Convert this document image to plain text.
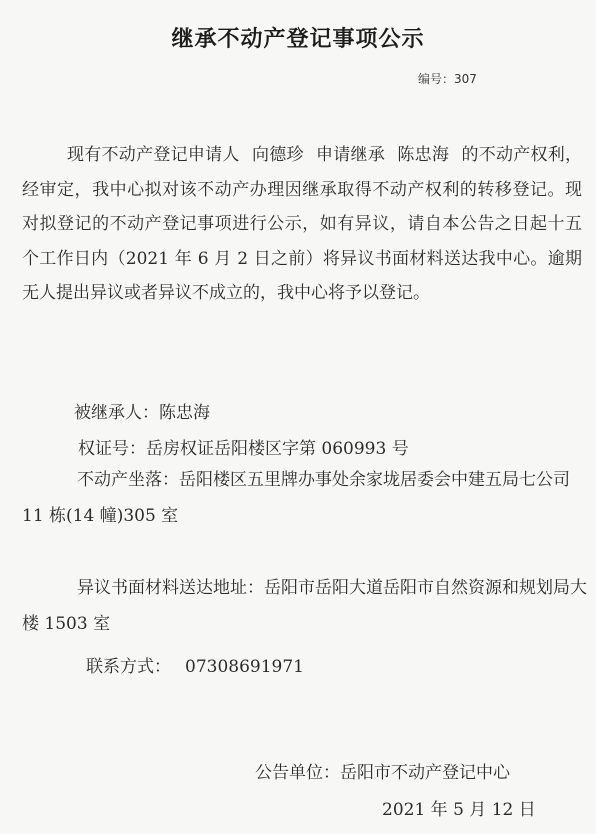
继承不动产登记事项公示
编号：307
现有不动产登记申请人 向德珍 申请继承 陈忠海 的不动产权利，经审定，我中心拟对该不动产办理因继承取得不动产权利的转移登记。现对拟登记的不动产登记事项进行公示，如有异议，请自本公告之日起十五个工作日内（2021 年 6 月 2 日之前）将异议书面材料送达我中心。逾期无人提出异议或者异议不成立的，我中心将予以登记。
被继承人：陈忠海
权证号：岳房权证岳阳楼区字第 060993 号
不动产坐落：岳阳楼区五里牌办事处余家垅居委会中建五局七公司 11 栋(14 幢)305 室
异议书面材料送达地址：岳阳市岳阳大道岳阳市自然资源和规划局大楼 1503 室
联系方式： 07308691971
公告单位：岳阳市不动产登记中心
2021 年 5 月 12 日
